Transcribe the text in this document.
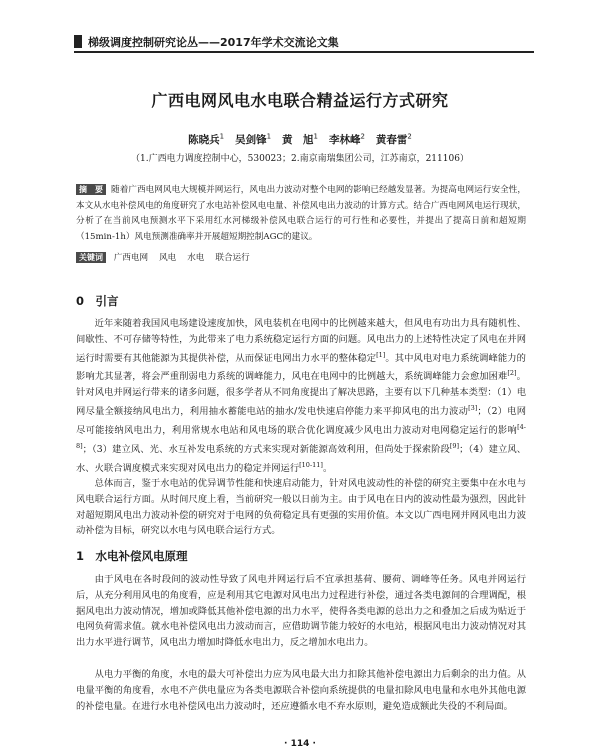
梯级调度控制研究论丛——2017年学术交流论文集
广西电网风电水电联合精益运行方式研究
陈晓兵$^1$ 吴剑锋$^1$ 黄　旭$^1$ 李林峰$^2$ 黄春雷$^2$
（1.广西电力调度控制中心，530023；2.南京南瑞集团公司，江苏南京，211106）
摘　要 随着广西电网风电大规模并网运行，风电出力波动对整个电网的影响已经越发显著。为提高电网运行安全性，本文从水电补偿风电的角度研究了水电站补偿风电电量、补偿风电出力波动的计算方式。结合广西电网风电运行现状，分析了在当前风电预测水平下采用红水河梯级补偿风电联合运行的可行性和必要性，并提出了提高日前和超短期（15min-1h）风电预测准确率并开展超短期控制AGC的建议。
关键词 广西电网 风电 水电 联合运行
0　引言

近年来随着我国风电场建设速度加快，风电装机在电网中的比例越来越大，但风电有功出力具有随机性、间歇性、不可存储等特性，为此带来了电力系统稳定运行方面的问题。风电出力的上述特性决定了风电在并网运行时需要有其他能源为其提供补偿，从而保证电网出力水平的整体稳定[1]。其中风电对电力系统调峰能力的影响尤其显著，将会严重削弱电力系统的调峰能力，风电在电网中的比例越大，系统调峰能力会愈加困难[2]。针对风电并网运行带来的诸多问题，很多学者从不同角度提出了解决思路，主要有以下几种基本类型：（1）电网尽量全额接纳风电出力，利用抽水蓄能电站的抽水/发电快速启停能力来平抑风电的出力波动[3]；（2）电网尽可能接纳风电出力，利用常规水电站和风电场的联合优化调度减少风电出力波动对电网稳定运行的影响[4-8]；（3）建立风、光、水互补发电系统的方式来实现对新能源高效利用，但尚处于探索阶段[9]；（4）建立风、水、火联合调度模式来实现对风电出力的稳定并网运行[10-11]。

总体而言，鉴于水电站的优异调节性能和快速启动能力，针对风电波动性的补偿的研究主要集中在水电与风电联合运行方面。从时间尺度上看，当前研究一般以日前为主。由于风电在日内的波动性最为强烈，因此针对超短期风电出力波动补偿的研究对于电网的负荷稳定具有更强的实用价值。本文以广西电网并网风电出力波动补偿为目标，研究以水电与风电联合运行方式。

1　水电补偿风电原理

由于风电在各时段间的波动性导致了风电并网运行后不宜承担基荷、腰荷、调峰等任务。风电并网运行后，从充分利用风电的角度看，应是利用其它电源对风电出力过程进行补偿，通过各类电源间的合理调配，根据风电出力波动情况，增加或降低其他补偿电源的出力水平，使得各类电源的总出力之和叠加之后成为贴近于电网负荷需求值。就水电补偿风电出力波动而言，应借助调节能力较好的水电站，根据风电出力波动情况对其出力水平进行调节，风电出力增加时降低水电出力，反之增加水电出力。

从电力平衡的角度，水电的最大可补偿出力应为风电最大出力扣除其他补偿电源出力后剩余的出力值。从电量平衡的角度看，水电不产供电量应为各类电源联合补偿向系统提供的电量扣除风电电量和水电外其他电源的补偿电量。在进行水电补偿风电出力波动时，还应遵循水电不弃水原则，避免造成额此失役的不利局面。

· 114 ·
